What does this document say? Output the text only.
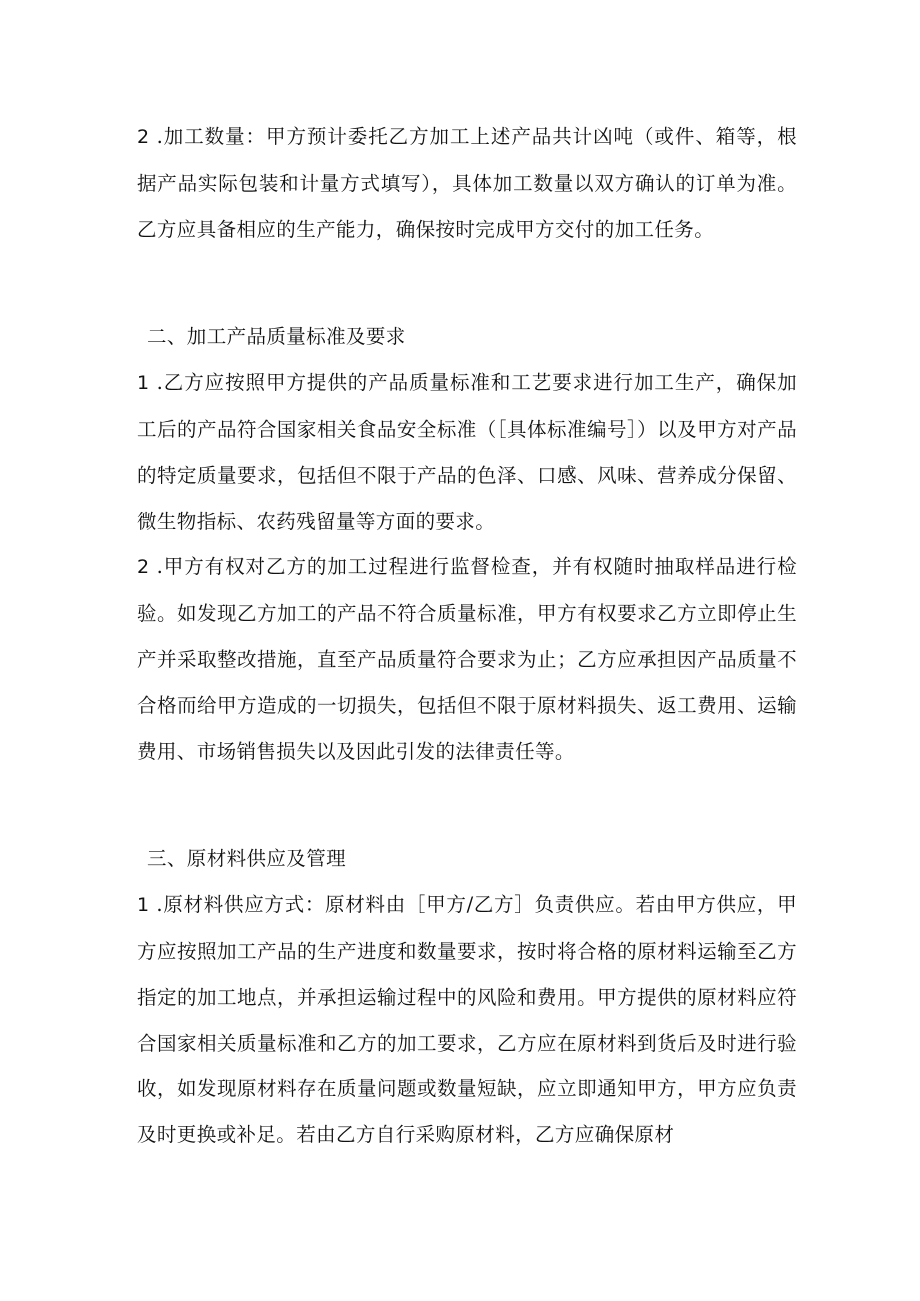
2 .加工数量：甲方预计委托乙方加工上述产品共计凶吨（或件、箱等，根据产品实际包装和计量方式填写），具体加工数量以双方确认的订单为准。乙方应具备相应的生产能力，确保按时完成甲方交付的加工任务。

二、加工产品质量标准及要求

1 .乙方应按照甲方提供的产品质量标准和工艺要求进行加工生产，确保加工后的产品符合国家相关食品安全标准（［具体标准编号］）以及甲方对产品的特定质量要求，包括但不限于产品的色泽、口感、风味、营养成分保留、微生物指标、农药残留量等方面的要求。

2 .甲方有权对乙方的加工过程进行监督检查，并有权随时抽取样品进行检验。如发现乙方加工的产品不符合质量标准，甲方有权要求乙方立即停止生产并采取整改措施，直至产品质量符合要求为止；乙方应承担因产品质量不合格而给甲方造成的一切损失，包括但不限于原材料损失、返工费用、运输费用、市场销售损失以及因此引发的法律责任等。

三、原材料供应及管理

1 .原材料供应方式：原材料由［甲方/乙方］负责供应。若由甲方供应，甲方应按照加工产品的生产进度和数量要求，按时将合格的原材料运输至乙方指定的加工地点，并承担运输过程中的风险和费用。甲方提供的原材料应符合国家相关质量标准和乙方的加工要求，乙方应在原材料到货后及时进行验收，如发现原材料存在质量问题或数量短缺，应立即通知甲方，甲方应负责及时更换或补足。若由乙方自行采购原材料，乙方应确保原材
